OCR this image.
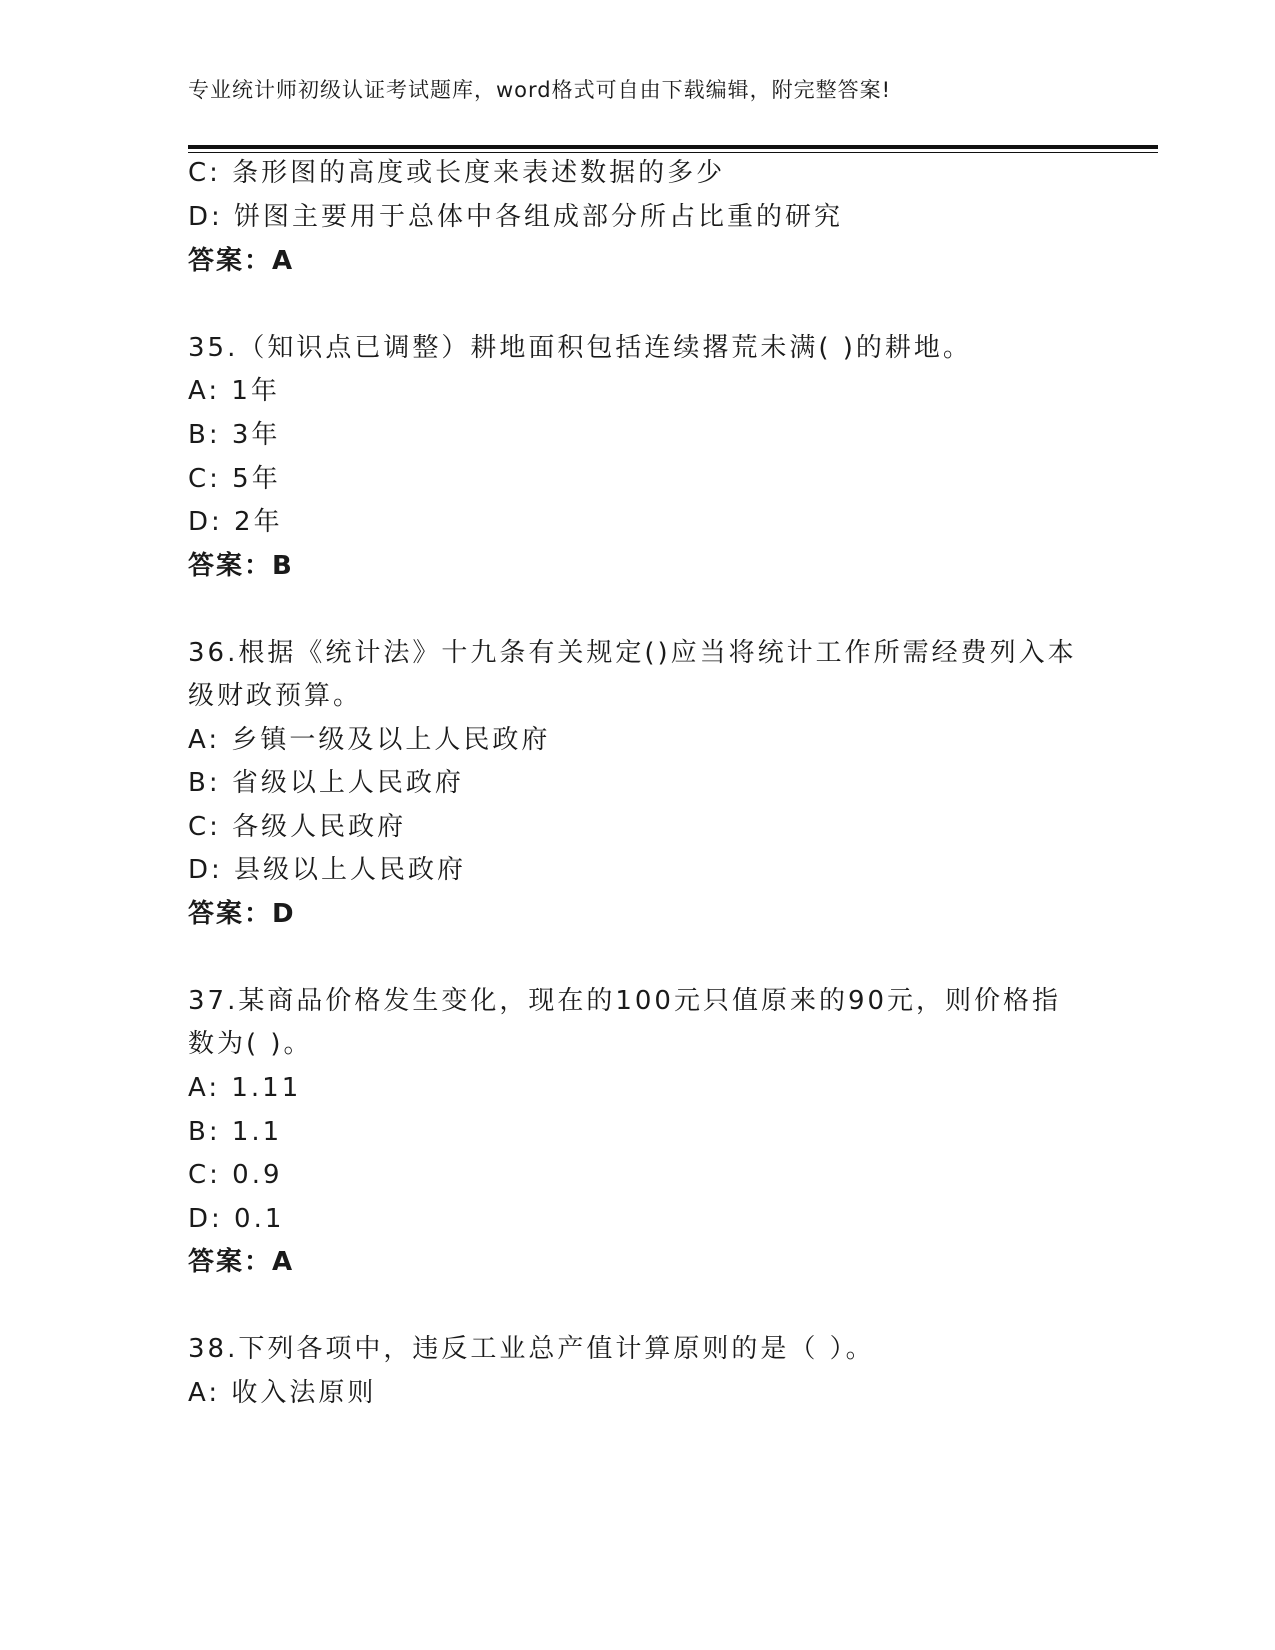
专业统计师初级认证考试题库，word格式可自由下载编辑，附完整答案!
C: 条形图的高度或长度来表述数据的多少
D: 饼图主要用于总体中各组成部分所占比重的研究
答案：A
35.（知识点已调整）耕地面积包括连续撂荒未满( )的耕地。
A: 1年
B: 3年
C: 5年
D: 2年
答案：B
36.根据《统计法》十九条有关规定()应当将统计工作所需经费列入本
级财政预算。
A: 乡镇一级及以上人民政府
B: 省级以上人民政府
C: 各级人民政府
D: 县级以上人民政府
答案：D
37.某商品价格发生变化，现在的100元只值原来的90元，则价格指
数为( )。
A: 1.11
B: 1.1
C: 0.9
D: 0.1
答案：A
38.下列各项中，违反工业总产值计算原则的是（ ）。
A: 收入法原则
